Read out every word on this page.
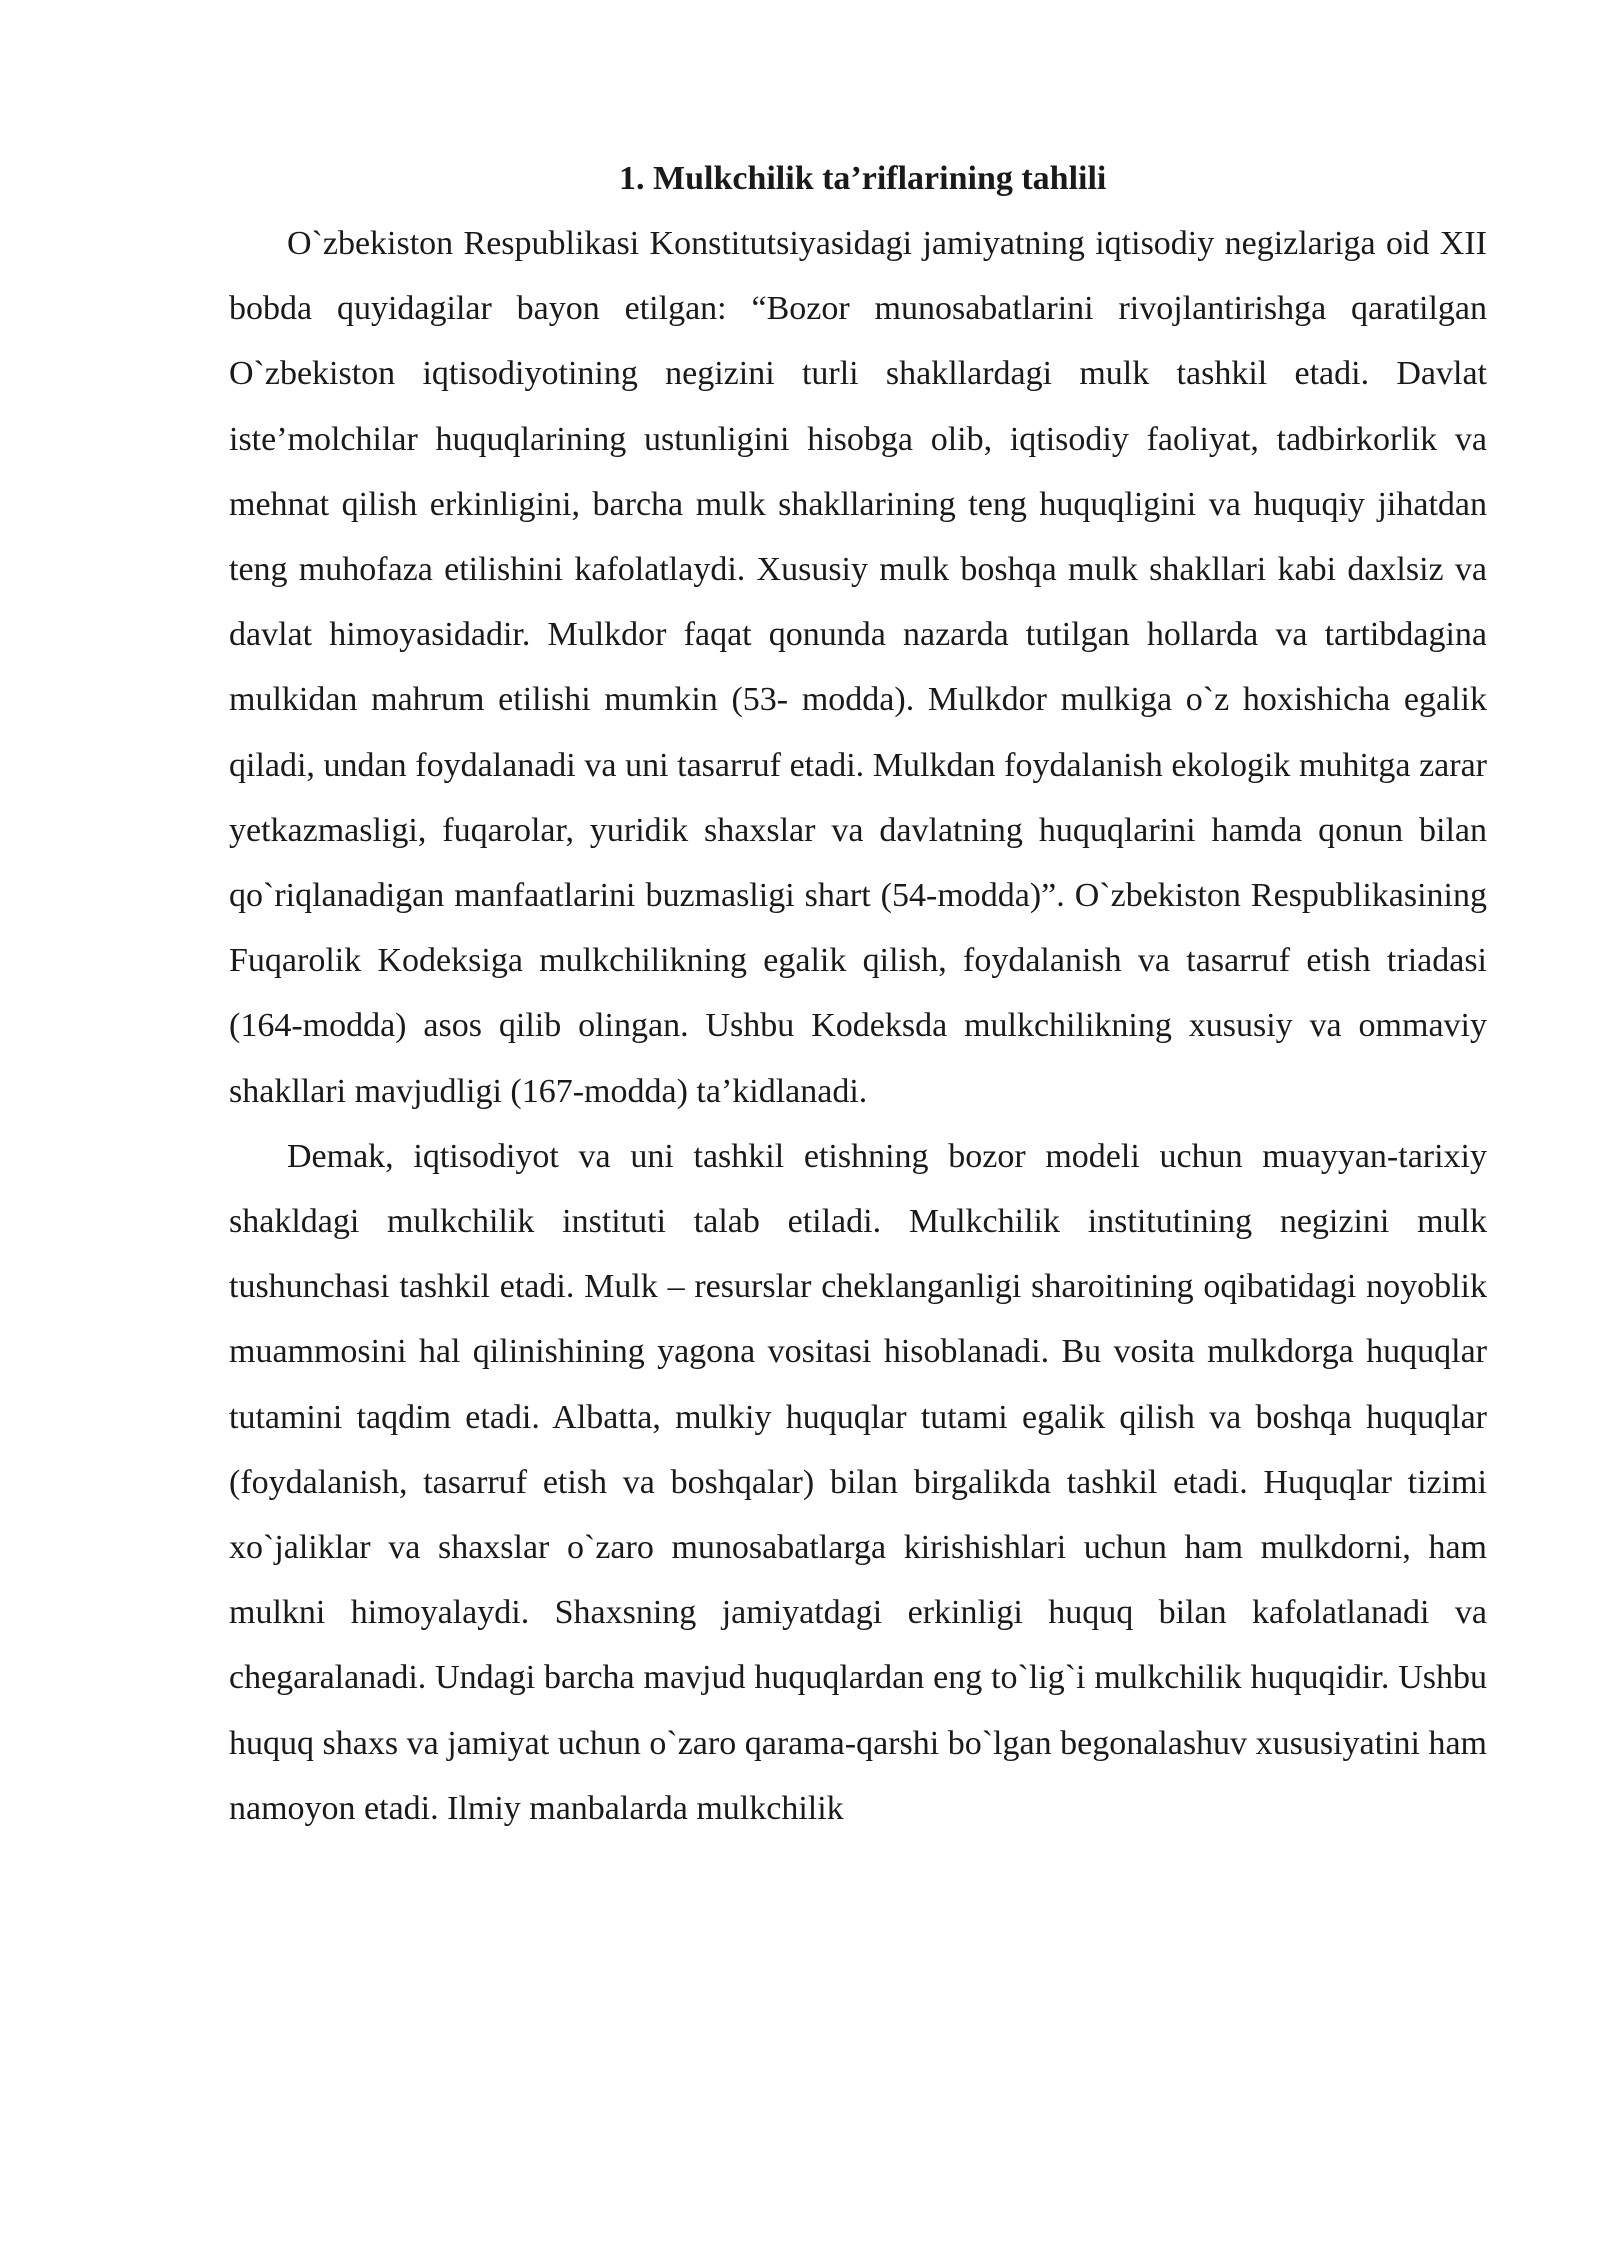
1. Mulkchilik ta’riflarining tahlili

O`zbekiston Respublikasi Konstitutsiyasidagi jamiyatning iqtisodiy negizlariga oid XII bobda quyidagilar bayon etilgan: “Bozor munosabatlarini rivojlantirishga qaratilgan O`zbekiston iqtisodiyotining negizini turli shakllardagi mulk tashkil etadi. Davlat iste’molchilar huquqlarining ustunligini hisobga olib, iqtisodiy faoliyat, tadbirkorlik va mehnat qilish erkinligini, barcha mulk shakllarining teng huquqligini va huquqiy jihatdan teng muhofaza etilishini kafolatlaydi. Xususiy mulk boshqa mulk shakllari kabi daxlsiz va davlat himoyasidadir. Mulkdor faqat qonunda nazarda tutilgan hollarda va tartibdagina mulkidan mahrum etilishi mumkin (53- modda). Mulkdor mulkiga o`z hoxishicha egalik qiladi, undan foydalanadi va uni tasarruf etadi. Mulkdan foydalanish ekologik muhitga zarar yetkazmasligi, fuqarolar, yuridik shaxslar va davlatning huquqlarini hamda qonun bilan qo`riqlanadigan manfaatlarini buzmasligi shart (54-modda)”. O`zbekiston Respublikasining Fuqarolik Kodeksiga mulkchilikning egalik qilish, foydalanish va tasarruf etish triadasi (164-modda) asos qilib olingan. Ushbu Kodeksda mulkchilikning xususiy va ommaviy shakllari mavjudligi (167-modda) ta’kidlanadi.

Demak, iqtisodiyot va uni tashkil etishning bozor modeli uchun muayyan-tarixiy shakldagi mulkchilik instituti talab etiladi. Mulkchilik institutining negizini mulk tushunchasi tashkil etadi. Mulk – resurslar cheklanganligi sharoitining oqibatidagi noyoblik muammosini hal qilinishining yagona vositasi hisoblanadi. Bu vosita mulkdorga huquqlar tutamini taqdim etadi. Albatta, mulkiy huquqlar tutami egalik qilish va boshqa huquqlar (foydalanish, tasarruf etish va boshqalar) bilan birgalikda tashkil etadi. Huquqlar tizimi xo`jaliklar va shaxslar o`zaro munosabatlarga kirishishlari uchun ham mulkdorni, ham mulkni himoyalaydi. Shaxsning jamiyatdagi erkinligi huquq bilan kafolatlanadi va chegaralanadi. Undagi barcha mavjud huquqlardan eng to`lig`i mulkchilik huquqidir. Ushbu huquq shaxs va jamiyat uchun o`zaro qarama-qarshi bo`lgan begonalashuv xususiyatini ham namoyon etadi. Ilmiy manbalarda mulkchilik
